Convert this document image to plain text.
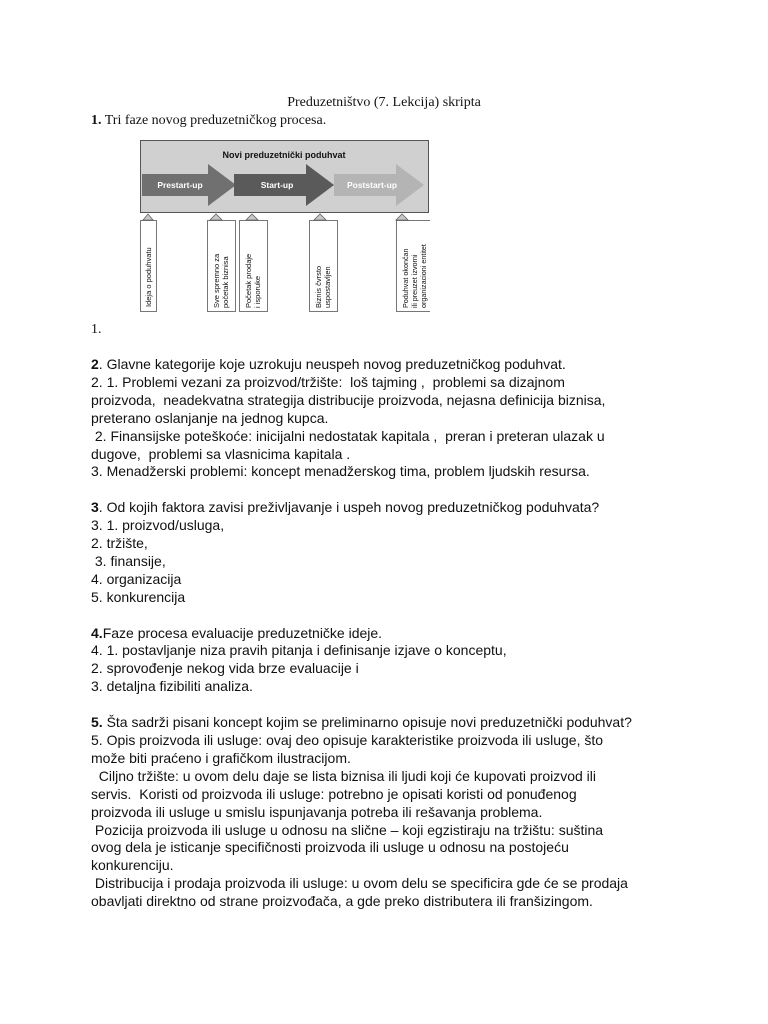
Preduzetništvo (7. Lekcija) skripta
1. Tri faze novog preduzetničkog procesa.
Novi preduzetnički poduhvat
Prestart-up	Start-up	Poststart-up
Ideja o poduhvatu	Sve spremno za početak biznisa Početak prodaje i isporuke	Biznis čvrsto uspostavljen	Poduhvat okončan ili preuzet izvorni organizacioni entitet
1.
2. Glavne kategorije koje uzrokuju neuspeh novog preduzetničkog poduhvat.
2. 1. Problemi vezani za proizvod/tržište:  loš tajming ,  problemi sa dizajnom
proizvoda,  neadekvatna strategija distribucije proizvoda, nejasna definicija biznisa,
preterano oslanjanje na jednog kupca.
2. Finansijske poteškoće: inicijalni nedostatak kapitala ,  preran i preteran ulazak u
dugove,  problemi sa vlasnicima kapitala .
3. Menadžerski problemi: koncept menadžerskog tima, problem ljudskih resursa.
3. Od kojih faktora zavisi preživljavanje i uspeh novog preduzetničkog poduhvata?
3. 1. proizvod/usluga,
2. tržište,
3. finansije,
4. organizacija
5. konkurencija
4.Faze procesa evaluacije preduzetničke ideje.
4. 1. postavljanje niza pravih pitanja i definisanje izjave o konceptu,
2. sprovođenje nekog vida brze evaluacije i
3. detaljna fizibiliti analiza.
5. Šta sadrži pisani koncept kojim se preliminarno opisuje novi preduzetnički poduhvat?
5. Opis proizvoda ili usluge: ovaj deo opisuje karakteristike proizvoda ili usluge, što
može biti praćeno i grafičkom ilustracijom.
Ciljno tržište: u ovom delu daje se lista biznisa ili ljudi koji će kupovati proizvod ili
servis.  Koristi od proizvoda ili usluge: potrebno je opisati koristi od ponuđenog
proizvoda ili usluge u smislu ispunjavanja potreba ili rešavanja problema.
Pozicija proizvoda ili usluge u odnosu na slične – koji egzistiraju na tržištu: suština
ovog dela je isticanje specifičnosti proizvoda ili usluge u odnosu na postojeću
konkurenciju.
Distribucija i prodaja proizvoda ili usluge: u ovom delu se specificira gde će se prodaja
obavljati direktno od strane proizvođača, a gde preko distributera ili franšizingom.
